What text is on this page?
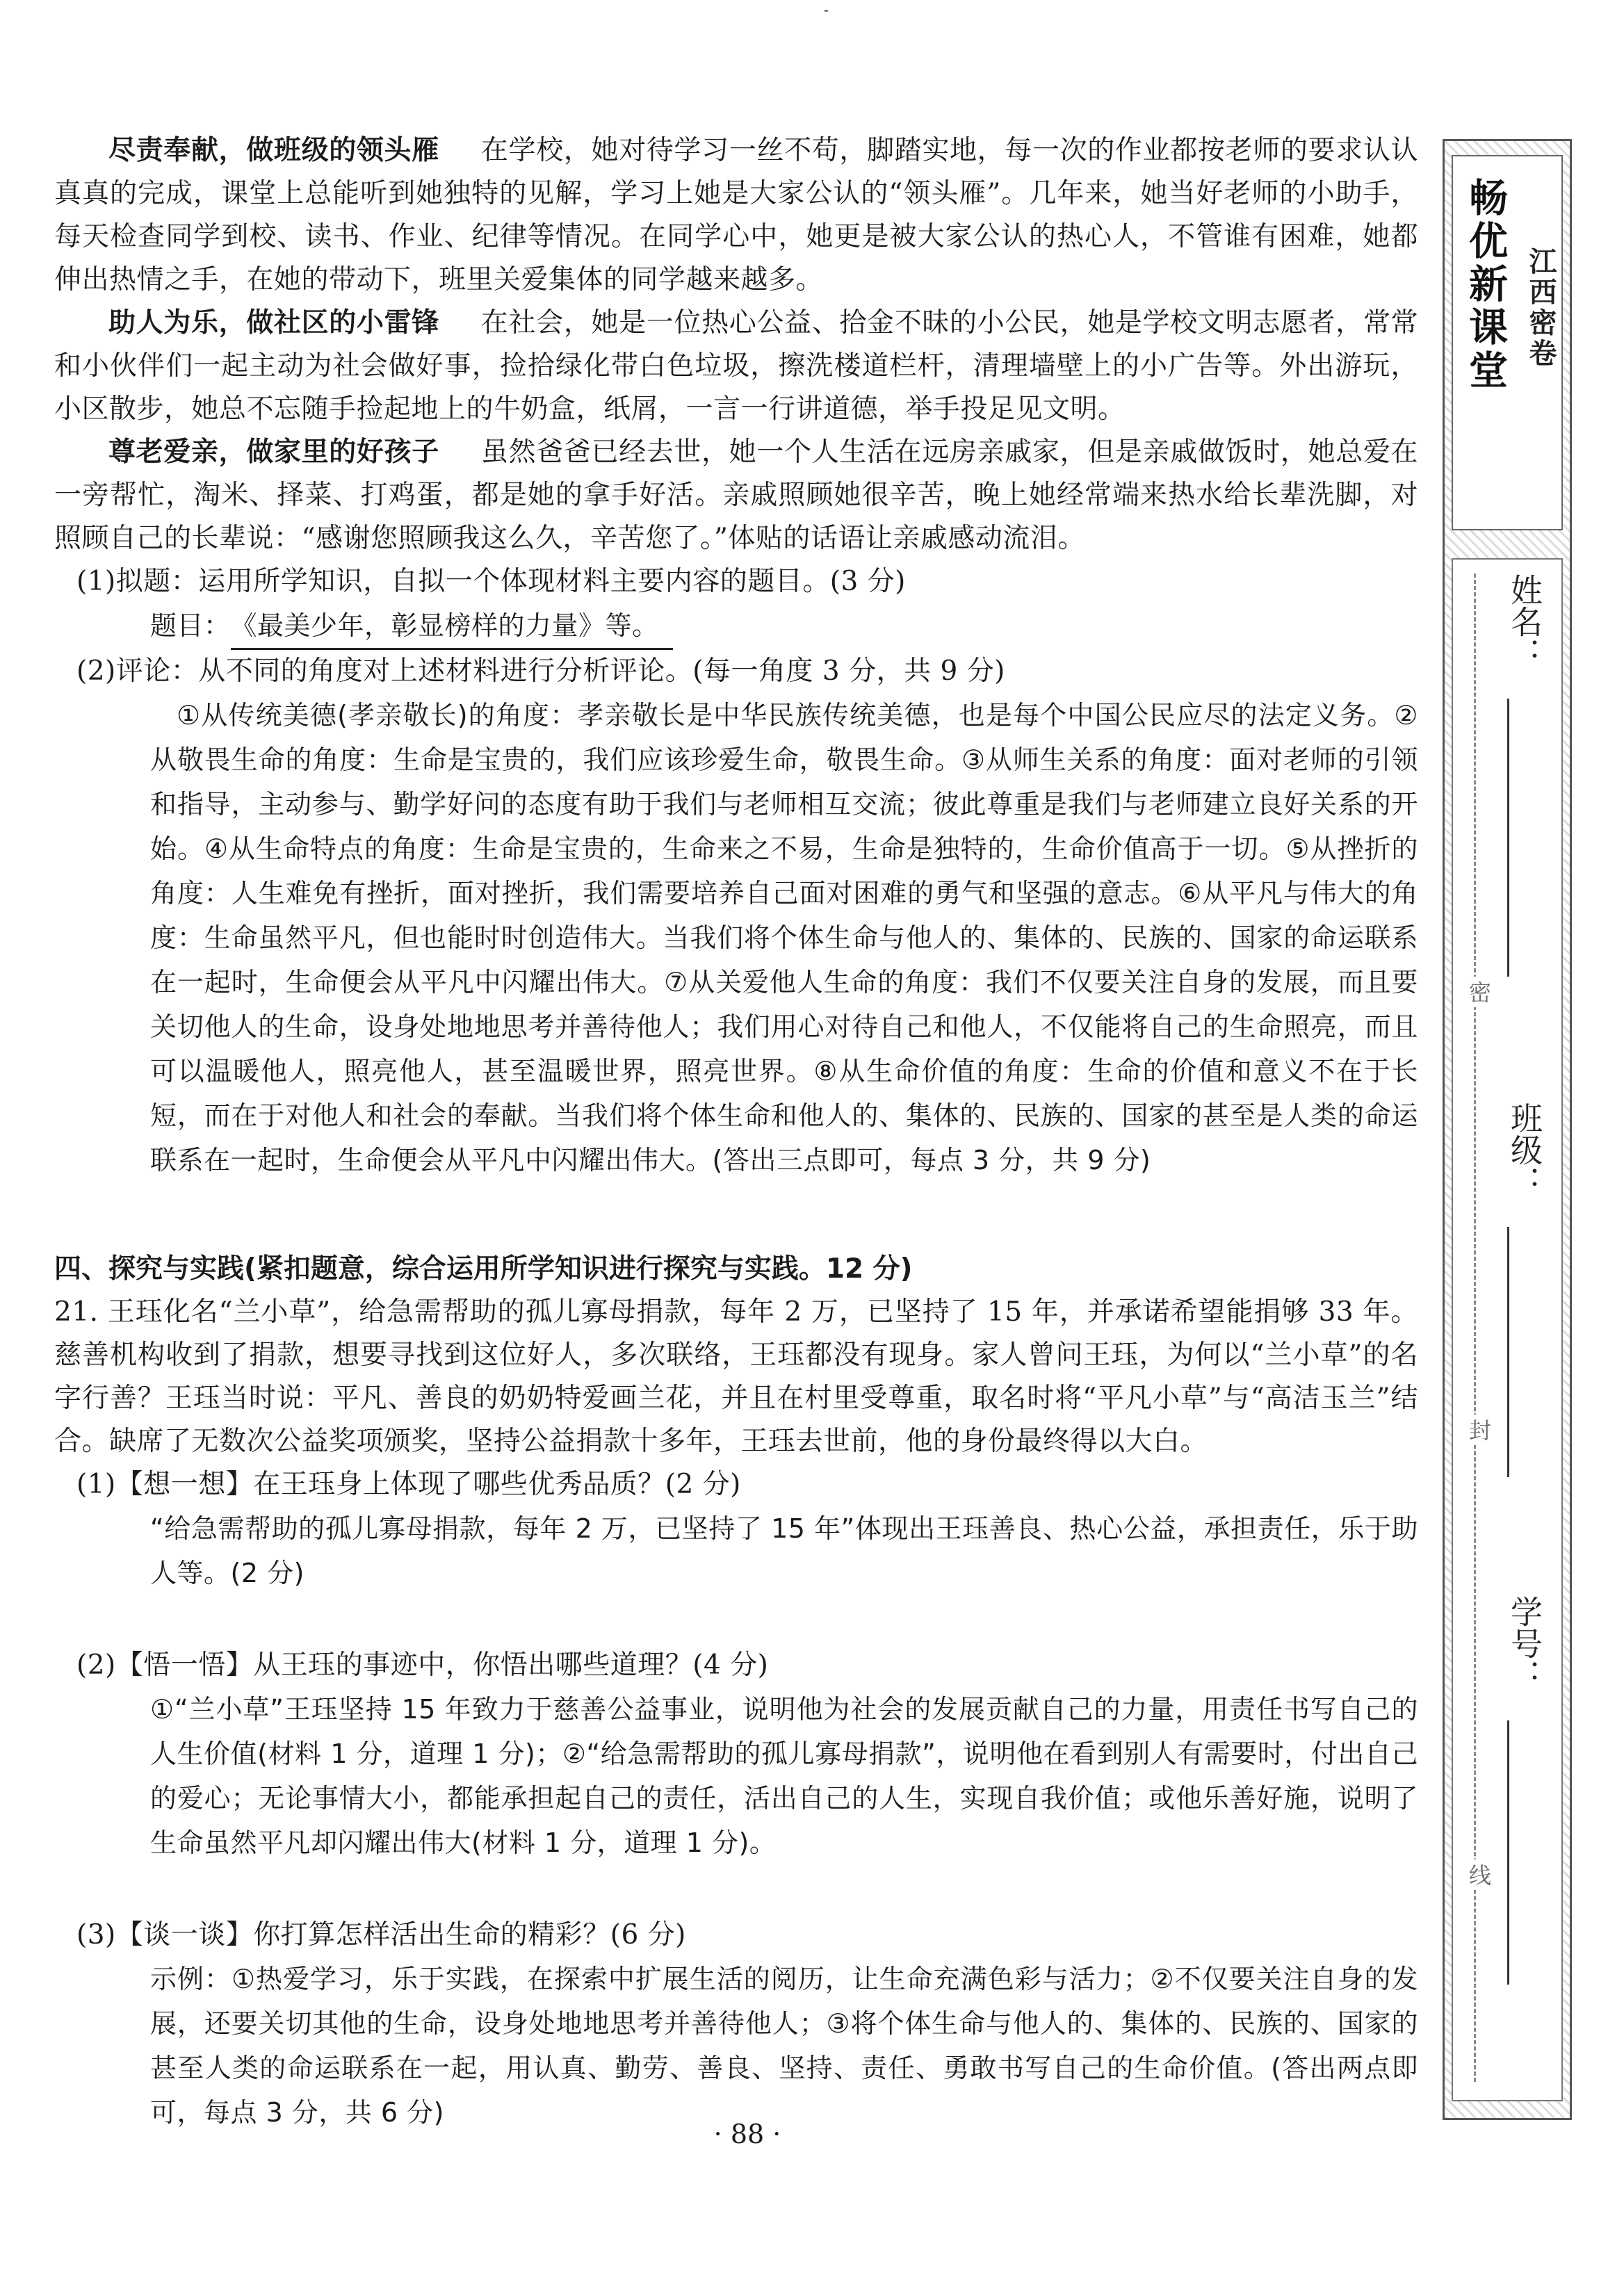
-

尽责奉献，做班级的领头雁 在学校，她对待学习一丝不苟，脚踏实地，每一次的作业都按老师的要求认认真真的完成，课堂上总能听到她独特的见解，学习上她是大家公认的“领头雁”。几年来，她当好老师的小助手，每天检查同学到校、读书、作业、纪律等情况。在同学心中，她更是被大家公认的热心人，不管谁有困难，她都伸出热情之手，在她的带动下，班里关爱集体的同学越来越多。

助人为乐，做社区的小雷锋 在社会，她是一位热心公益、拾金不昧的小公民，她是学校文明志愿者，常常和小伙伴们一起主动为社会做好事，捡拾绿化带白色垃圾，擦洗楼道栏杆，清理墙壁上的小广告等。外出游玩，小区散步，她总不忘随手捡起地上的牛奶盒，纸屑，一言一行讲道德，举手投足见文明。

尊老爱亲，做家里的好孩子 虽然爸爸已经去世，她一个人生活在远房亲戚家，但是亲戚做饭时，她总爱在一旁帮忙，淘米、择菜、打鸡蛋，都是她的拿手好活。亲戚照顾她很辛苦，晚上她经常端来热水给长辈洗脚，对照顾自己的长辈说：“感谢您照顾我这么久，辛苦您了。”体贴的话语让亲戚感动流泪。

(1)拟题：运用所学知识，自拟一个体现材料主要内容的题目。(3 分)

题目：《最美少年，彰显榜样的力量》等。

(2)评论：从不同的角度对上述材料进行分析评论。(每一角度 3 分，共 9 分)

①从传统美德(孝亲敬长)的角度：孝亲敬长是中华民族传统美德，也是每个中国公民应尽的法定义务。②从敬畏生命的角度：生命是宝贵的，我们应该珍爱生命，敬畏生命。③从师生关系的角度：面对老师的引领和指导，主动参与、勤学好问的态度有助于我们与老师相互交流；彼此尊重是我们与老师建立良好关系的开始。④从生命特点的角度：生命是宝贵的，生命来之不易，生命是独特的，生命价值高于一切。⑤从挫折的角度：人生难免有挫折，面对挫折，我们需要培养自己面对困难的勇气和坚强的意志。⑥从平凡与伟大的角度：生命虽然平凡，但也能时时创造伟大。当我们将个体生命与他人的、集体的、民族的、国家的命运联系在一起时，生命便会从平凡中闪耀出伟大。⑦从关爱他人生命的角度：我们不仅要关注自身的发展，而且要关切他人的生命，设身处地地思考并善待他人；我们用心对待自己和他人，不仅能将自己的生命照亮，而且可以温暖他人，照亮他人，甚至温暖世界，照亮世界。⑧从生命价值的角度：生命的价值和意义不在于长短，而在于对他人和社会的奉献。当我们将个体生命和他人的、集体的、民族的、国家的甚至是人类的命运联系在一起时，生命便会从平凡中闪耀出伟大。(答出三点即可，每点 3 分，共 9 分)

四、探究与实践(紧扣题意，综合运用所学知识进行探究与实践。12 分)

21. 王珏化名“兰小草”，给急需帮助的孤儿寡母捐款，每年 2 万，已坚持了 15 年，并承诺希望能捐够 33 年。慈善机构收到了捐款，想要寻找到这位好人，多次联络，王珏都没有现身。家人曾问王珏，为何以“兰小草”的名字行善？王珏当时说：平凡、善良的奶奶特爱画兰花，并且在村里受尊重，取名时将“平凡小草”与“高洁玉兰”结合。缺席了无数次公益奖项颁奖，坚持公益捐款十多年，王珏去世前，他的身份最终得以大白。

(1)【想一想】在王珏身上体现了哪些优秀品质？(2 分)

“给急需帮助的孤儿寡母捐款，每年 2 万，已坚持了 15 年”体现出王珏善良、热心公益，承担责任，乐于助人等。(2 分)

(2)【悟一悟】从王珏的事迹中，你悟出哪些道理？(4 分)

①“兰小草”王珏坚持 15 年致力于慈善公益事业，说明他为社会的发展贡献自己的力量，用责任书写自己的人生价值(材料 1 分，道理 1 分)；②“给急需帮助的孤儿寡母捐款”，说明他在看到别人有需要时，付出自己的爱心；无论事情大小，都能承担起自己的责任，活出自己的人生，实现自我价值；或他乐善好施，说明了生命虽然平凡却闪耀出伟大(材料 1 分，道理 1 分)。

(3)【谈一谈】你打算怎样活出生命的精彩？(6 分)

示例：①热爱学习，乐于实践，在探索中扩展生活的阅历，让生命充满色彩与活力；②不仅要关注自身的发展，还要关切其他的生命，设身处地地思考并善待他人；③将个体生命与他人的、集体的、民族的、国家的甚至人类的命运联系在一起，用认真、勤劳、善良、坚持、责任、勇敢书写自己的生命价值。(答出两点即可，每点 3 分，共 6 分)

· 88 ·
畅优新课堂 江西密卷
密
封
线
姓名：
班级：
学号：
